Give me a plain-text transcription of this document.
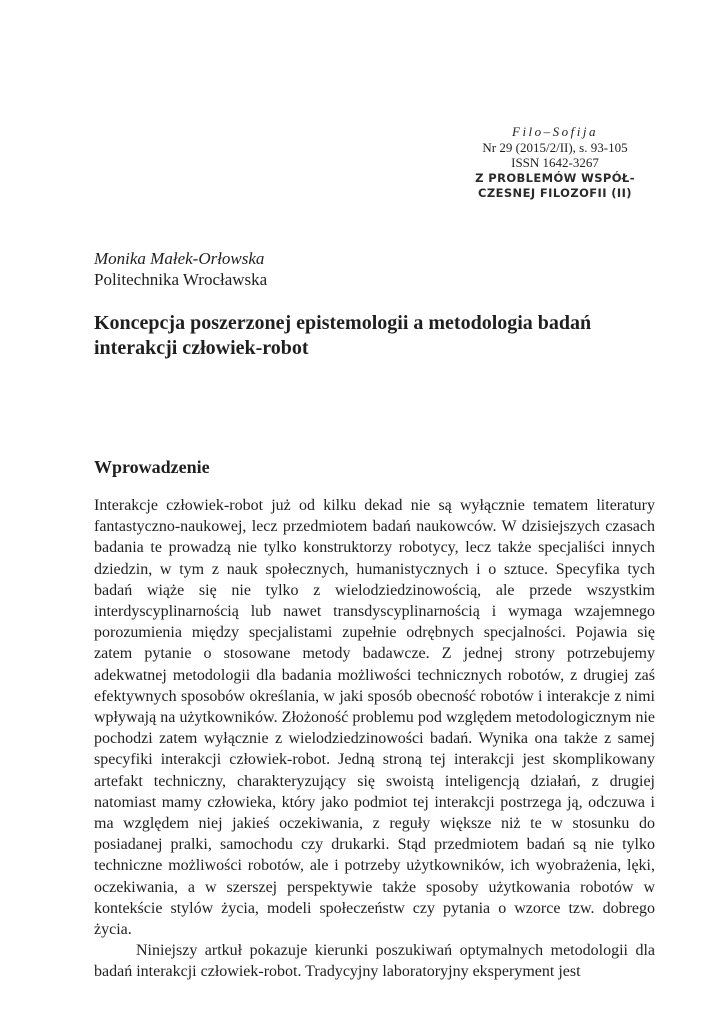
Filo–Sofija
Nr 29 (2015/2/II), s. 93-105
ISSN 1642-3267
Z PROBLEMÓW WSPÓŁ-
CZESNEJ FILOZOFII (II)
Monika Małek-Orłowska
Politechnika Wrocławska
Koncepcja poszerzonej epistemologii a metodologia badań interakcji człowiek-robot
Wprowadzenie

Interakcje człowiek-robot już od kilku dekad nie są wyłącznie tematem literatury fantastyczno-naukowej, lecz przedmiotem badań naukowców. W dzisiejszych czasach badania te prowadzą nie tylko konstruktorzy robotycy, lecz także specjaliści innych dziedzin, w tym z nauk społecznych, humanistycznych i o sztuce. Specyfika tych badań wiąże się nie tylko z wielodziedzinowością, ale przede wszystkim interdyscyplinarnością lub nawet transdyscyplinarnością i wymaga wzajemnego porozumienia między specjalistami zupełnie odrębnych specjalności. Pojawia się zatem pytanie o stosowane metody badawcze. Z jednej strony potrzebujemy adekwatnej metodologii dla badania możliwości technicznych robotów, z drugiej zaś efektywnych sposobów określania, w jaki sposób obecność robotów i interakcje z nimi wpływają na użytkowników. Złożoność problemu pod względem metodologicznym nie pochodzi zatem wyłącznie z wielodziedzinowości badań. Wynika ona także z samej specyfiki interakcji człowiek-robot. Jedną stroną tej interakcji jest skomplikowany artefakt techniczny, charakteryzujący się swoistą inteligencją działań, z drugiej natomiast mamy człowieka, który jako podmiot tej interakcji postrzega ją, odczuwa i ma względem niej jakieś oczekiwania, z reguły większe niż te w stosunku do posiadanej pralki, samochodu czy drukarki. Stąd przedmiotem badań są nie tylko techniczne możliwości robotów, ale i potrzeby użytkowników, ich wyobrażenia, lęki, oczekiwania, a w szerszej perspektywie także sposoby użytkowania robotów w kontekście stylów życia, modeli społeczeństw czy pytania o wzorce tzw. dobrego życia.

Niniejszy artkuł pokazuje kierunki poszukiwań optymalnych metodologii dla badań interakcji człowiek-robot. Tradycyjny laboratoryjny eksperyment jest
